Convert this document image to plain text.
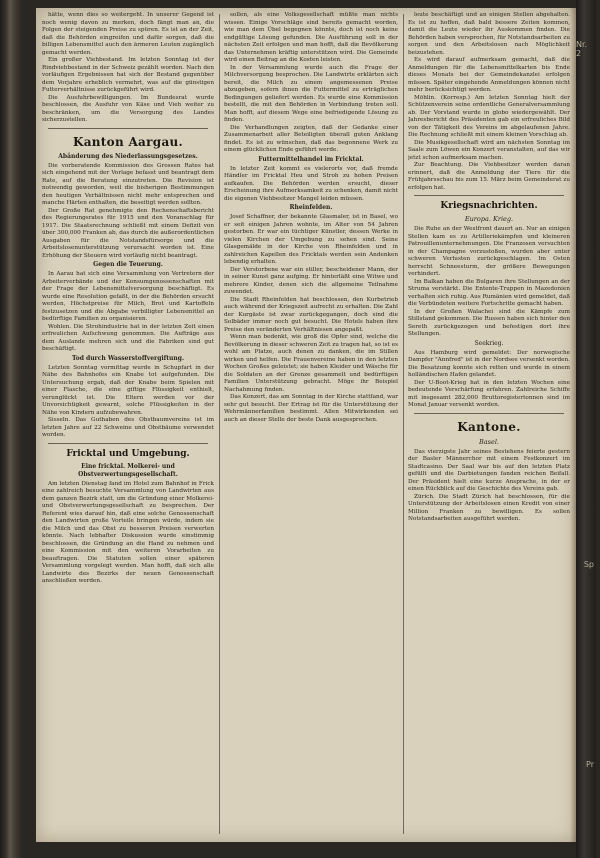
hätte, wenn dies so weitergeht. In unserer Gegend ist noch wenig davon zu merken, doch fängt man an, die Folgen der steigenden Preise zu spüren. Es ist an der Zeit, daß die Behörden eingreifen und dafür sorgen, daß die billigen Lebensmittel auch den ärmeren Leuten zugänglich gemacht werden.

Ein großer Viehbestand. Im letzten Sonntag ist der Rindviehbestand in der Schweiz gezählt worden. Nach den vorläufigen Ergebnissen hat sich der Bestand gegenüber dem Vorjahre erheblich vermehrt, was auf die günstigen Futterverhältnisse zurückgeführt wird.

Die Ausfuhrbewilligungen. Im Bundesrat wurde beschlossen, die Ausfuhr von Käse und Vieh weiter zu beschränken, um die Versorgung des Landes sicherzustellen.

Kanton Aargau.
Abänderung des Niederlassungsgesetzes.

Die vorberatende Kommission des Grossen Rates hat sich eingehend mit der Vorlage befasst und beantragt dem Rate, auf die Beratung einzutreten. Die Revision ist notwendig geworden, weil die bisherigen Bestimmungen den heutigen Verhältnissen nicht mehr entsprechen und manche Härten enthalten, die beseitigt werden sollten.

Der Große Rat genehmigte den Rechenschaftsbericht des Regierungsrates für 1915 und den Voranschlag für 1917. Die Staatsrechnung schließt mit einem Defizit von über 300,000 Franken ab, das durch die außerordentlichen Ausgaben für die Notstandsfürsorge und die Arbeitslosenunterstützung verursacht worden ist. Eine Erhöhung der Steuern wird vorläufig nicht beantragt.

Gegen die Teuerung.

In Aarau hat sich eine Versammlung von Vertretern der Arbeiterverbände und der Konsumgenossenschaften mit der Frage der Lebensmittelversorgung beschäftigt. Es wurde eine Resolution gefaßt, in der die Behörden ersucht werden, Höchstpreise für Milch, Brot und Kartoffeln festzusetzen und die Abgabe verbilligter Lebensmittel an bedürftige Familien zu organisieren.

Wohlen. Die Strohindustrie hat in der letzten Zeit einen erfreulichen Aufschwung genommen. Die Aufträge aus dem Auslande mehren sich und die Fabriken sind gut beschäftigt.

Tod durch Wasserstoffvergiftung.

Letzten Sonntag vormittag wurde in Schupfart in der Nähe des Bahnhofes ein Knabe tot aufgefunden. Die Untersuchung ergab, daß der Knabe beim Spielen mit einer Flasche, die eine giftige Flüssigkeit enthielt, verunglückt ist. Die Eltern werden vor der Unvorsichtigkeit gewarnt, solche Flüssigkeiten in der Nähe von Kindern aufzubewahren.

Sisseln. Das Guthaben des Obstbaumvereins ist im letzten Jahre auf 22 Schweine und Obstbäume verwendet worden.

Fricktal und Umgebung.
Eine fricktal. Molkerei- und Obstverwertungsgesellschaft.

Am letzten Dienstag fand im Hotel zum Bahnhof in Frick eine zahlreich besuchte Versammlung von Landwirten aus dem ganzen Bezirk statt, um die Gründung einer Molkerei- und Obstverwertungsgesellschaft zu besprechen. Der Referent wies darauf hin, daß eine solche Genossenschaft den Landwirten große Vorteile bringen würde, indem sie die Milch und das Obst zu besseren Preisen verwerten könnte. Nach lebhafter Diskussion wurde einstimmig beschlossen, die Gründung an die Hand zu nehmen und eine Kommission mit den weiteren Vorarbeiten zu beauftragen. Die Statuten sollen einer späteren Versammlung vorgelegt werden. Man hofft, daß sich alle Landwirte des Bezirks der neuen Genossenschaft anschließen werden.

sollen, als eine Volksgesellschaft müßte man nichts wissen. Einige Vorschläge sind bereits gemacht worden, wie man dem Übel begegnen könnte, doch ist noch keine endgültige Lösung gefunden. Die Ausführung soll in der nächsten Zeit erfolgen und man hofft, daß die Bevölkerung das Unternehmen kräftig unterstützen wird. Die Gemeinde wird einen Beitrag an die Kosten leisten.

In der Versammlung wurde auch die Frage der Milchversorgung besprochen. Die Landwirte erklärten sich bereit, die Milch zu einem angemessenen Preise abzugeben, sofern ihnen die Futtermittel zu erträglichen Bedingungen geliefert werden. Es wurde eine Kommission bestellt, die mit den Behörden in Verbindung treten soll. Man hofft, auf diesem Wege eine befriedigende Lösung zu finden.

Die Verhandlungen zeigten, daß der Gedanke einer Zusammenarbeit aller Beteiligten überall guten Anklang findet. Es ist zu wünschen, daß das begonnene Werk zu einem glücklichen Ende geführt werde.

Futtermittelhandel im Fricktal.

In letzter Zeit kommt es vielerorts vor, daß fremde Händler im Fricktal Heu und Stroh zu hohen Preisen aufkaufen. Die Behörden werden ersucht, dieser Erscheinung ihre Aufmerksamkeit zu schenken, damit nicht die eigenen Viehbesitzer Mangel leiden müssen.

Rheinfelden.

Josef Schaffner, der bekannte Glasmaler, ist in Basel, wo er seit einigen Jahren wohnte, im Alter von 54 Jahren gestorben. Er war ein tüchtiger Künstler, dessen Werke in vielen Kirchen der Umgebung zu sehen sind. Seine Glasgemälde in der Kirche von Rheinfelden und in zahlreichen Kapellen des Fricktals werden sein Andenken lebendig erhalten.

Der Verstorbene war ein stiller, bescheidener Mann, der in seiner Kunst ganz aufging. Er hinterläßt eine Witwe und mehrere Kinder, denen sich die allgemeine Teilnahme zuwendet.

Die Stadt Rheinfelden hat beschlossen, den Kurbetrieb auch während der Kriegszeit aufrecht zu erhalten. Die Zahl der Kurgäste ist zwar zurückgegangen, doch sind die Solbäder immer noch gut besucht. Die Hotels haben ihre Preise den veränderten Verhältnissen angepaßt.

Wenn man bedenkt, wie groß die Opfer sind, welche die Bevölkerung in dieser schweren Zeit zu tragen hat, so ist es wohl am Platze, auch denen zu danken, die im Stillen wirken und helfen. Die Frauenvereine haben in den letzten Wochen Großes geleistet; sie haben Kleider und Wäsche für die Soldaten an der Grenze gesammelt und bedürftigen Familien Unterstützung gebracht. Möge ihr Beispiel Nachahmung finden.

Das Konzert, das am Sonntag in der Kirche stattfand, war sehr gut besucht. Der Ertrag ist für die Unterstützung der Wehrmännerfamilien bestimmt. Allen Mitwirkenden sei auch an dieser Stelle der beste Dank ausgesprochen.

leute beschäftigt und an einigen Stellen abgehalten. Es ist zu hoffen, daß bald bessere Zeiten kommen, damit die Leute wieder ihr Auskommen finden. Die Behörden haben versprochen, für Notstandsarbeiten zu sorgen und den Arbeitslosen nach Möglichkeit beizustehen.

Es wird darauf aufmerksam gemacht, daß die Anmeldungen für die Lebensmittelkarten bis Ende dieses Monats bei der Gemeindekanzlei erfolgen müssen. Später eingehende Anmeldungen können nicht mehr berücksichtigt werden.

Möhlin. (Korresp.) Am letzten Sonntag hielt der Schützenverein seine ordentliche Generalversammlung ab. Der Vorstand wurde in globo wiedergewählt. Der Jahresbericht des Präsidenten gab ein erfreuliches Bild von der Tätigkeit des Vereins im abgelaufenen Jahre. Die Rechnung schließt mit einem kleinen Vorschlag ab.

Die Musikgesellschaft wird am nächsten Sonntag im Saale zum Löwen ein Konzert veranstalten, auf das wir jetzt schon aufmerksam machen.

Zur Beachtung. Die Viehbesitzer werden daran erinnert, daß die Anmeldung der Tiere für die Frühjahrsschau bis zum 15. März beim Gemeinderat zu erfolgen hat.

Kriegsnachrichten.
Europa. Krieg.

Die Ruhe an der Westfront dauert an. Nur an einigen Stellen kam es zu Artilleriekämpfen und kleineren Patrouillenunternehmungen. Die Franzosen versuchten in der Champagne vorzustoßen, wurden aber unter schweren Verlusten zurückgeschlagen. Im Osten herrscht Schneesturm, der größere Bewegungen verhindert.

Im Balkan haben die Bulgaren ihre Stellungen an der Struma verstärkt. Die Entente-Truppen in Mazedonien verhalten sich ruhig. Aus Rumänien wird gemeldet, daß die Verbündeten weitere Fortschritte gemacht haben.

In der Großen Walachei sind die Kämpfe zum Stillstand gekommen. Die Russen haben sich hinter den Sereth zurückgezogen und befestigen dort ihre Stellungen.

Seekrieg.

Aus Hamburg wird gemeldet: Der norwegische Dampfer "Annfred" ist in der Nordsee versenkt worden. Die Besatzung konnte sich retten und wurde in einem holländischen Hafen gelandet.

Der U-Boot-Krieg hat in den letzten Wochen eine bedeutende Verschärfung erfahren. Zahlreiche Schiffe mit insgesamt 282,000 Bruttoregistertonnen sind im Monat Januar versenkt worden.

Kantone.
Basel.

Das vierzigste Jahr seines Bestehens feierte gestern der Basler Männerchor mit einem Festkonzert im Stadtcasino. Der Saal war bis auf den letzten Platz gefüllt und die Darbietungen fanden reichen Beifall. Der Präsident hielt eine kurze Ansprache, in der er einen Rückblick auf die Geschichte des Vereins gab.

Zürich. Die Stadt Zürich hat beschlossen, für die Unterstützung der Arbeitslosen einen Kredit von einer Million Franken zu bewilligen. Es sollen Notstandsarbeiten ausgeführt werden.

Nr. 2
Sp
Pr
